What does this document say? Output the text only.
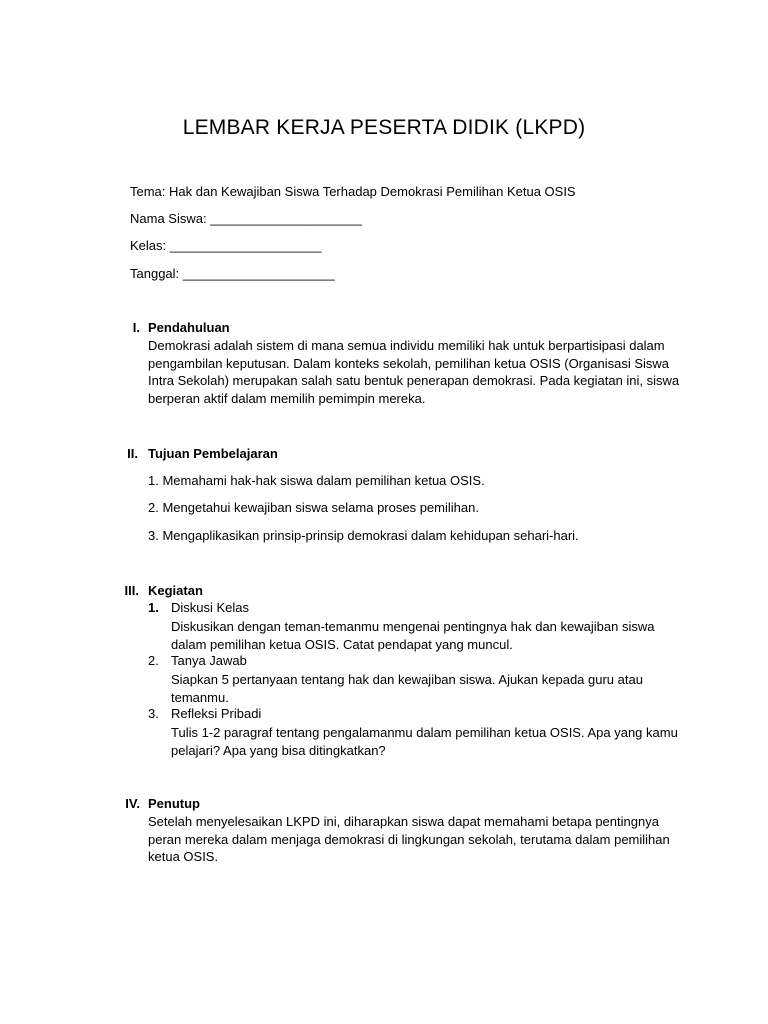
LEMBAR KERJA PESERTA DIDIK (LKPD)
Tema: Hak dan Kewajiban Siswa Terhadap Demokrasi Pemilihan Ketua OSIS
Nama Siswa: _____________________
Kelas: _____________________
Tanggal: _____________________
I. Pendahuluan
Demokrasi adalah sistem di mana semua individu memiliki hak untuk berpartisipasi dalam
pengambilan keputusan. Dalam konteks sekolah, pemilihan ketua OSIS (Organisasi Siswa
Intra Sekolah) merupakan salah satu bentuk penerapan demokrasi. Pada kegiatan ini, siswa
berperan aktif dalam memilih pemimpin mereka.
II. Tujuan Pembelajaran
1. Memahami hak-hak siswa dalam pemilihan ketua OSIS.
2. Mengetahui kewajiban siswa selama proses pemilihan.
3. Mengaplikasikan prinsip-prinsip demokrasi dalam kehidupan sehari-hari.
III. Kegiatan
1. Diskusi Kelas
Diskusikan dengan teman-temanmu mengenai pentingnya hak dan kewajiban siswa
dalam pemilihan ketua OSIS. Catat pendapat yang muncul.
2. Tanya Jawab
Siapkan 5 pertanyaan tentang hak dan kewajiban siswa. Ajukan kepada guru atau
temanmu.
3. Refleksi Pribadi
Tulis 1-2 paragraf tentang pengalamanmu dalam pemilihan ketua OSIS. Apa yang kamu
pelajari? Apa yang bisa ditingkatkan?
IV. Penutup
Setelah menyelesaikan LKPD ini, diharapkan siswa dapat memahami betapa pentingnya
peran mereka dalam menjaga demokrasi di lingkungan sekolah, terutama dalam pemilihan
ketua OSIS.
